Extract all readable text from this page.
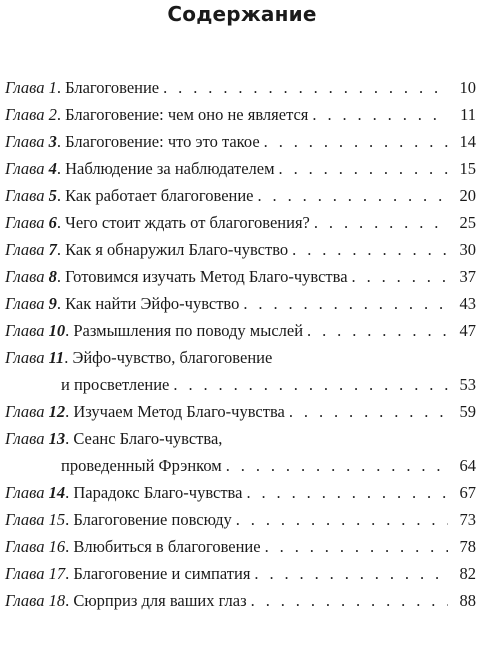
Содержание
Глава 1. Благоговение . . .	10
Глава 2. Благоговение: чем оно не является . . .	11
Глава 3. Благоговение: что это такое . . .	14
Глава 4. Наблюдение за наблюдателем . . .	15
Глава 5. Как работает благоговение . . .	20
Глава 6. Чего стоит ждать от благоговения? . . .	25
Глава 7. Как я обнаружил Благо-чувство . . .	30
Глава 8. Готовимся изучать Метод Благо-чувства . . .	37
Глава 9. Как найти Эйфо-чувство . . .	43
Глава 10. Размышления по поводу мыслей . . .	47
Глава 11. Эйфо-чувство, благоговение
и просветление . . .	53
Глава 12. Изучаем Метод Благо-чувства . . .	59
Глава 13. Сеанс Благо-чувства,
проведенный Фрэнком . . .	64
Глава 14. Парадокс Благо-чувства . . .	67
Глава 15. Благоговение повсюду . . .	73
Глава 16. Влюбиться в благоговение . . .	78
Глава 17. Благоговение и симпатия . . .	82
Глава 18. Сюрприз для ваших глаз . . .	88
